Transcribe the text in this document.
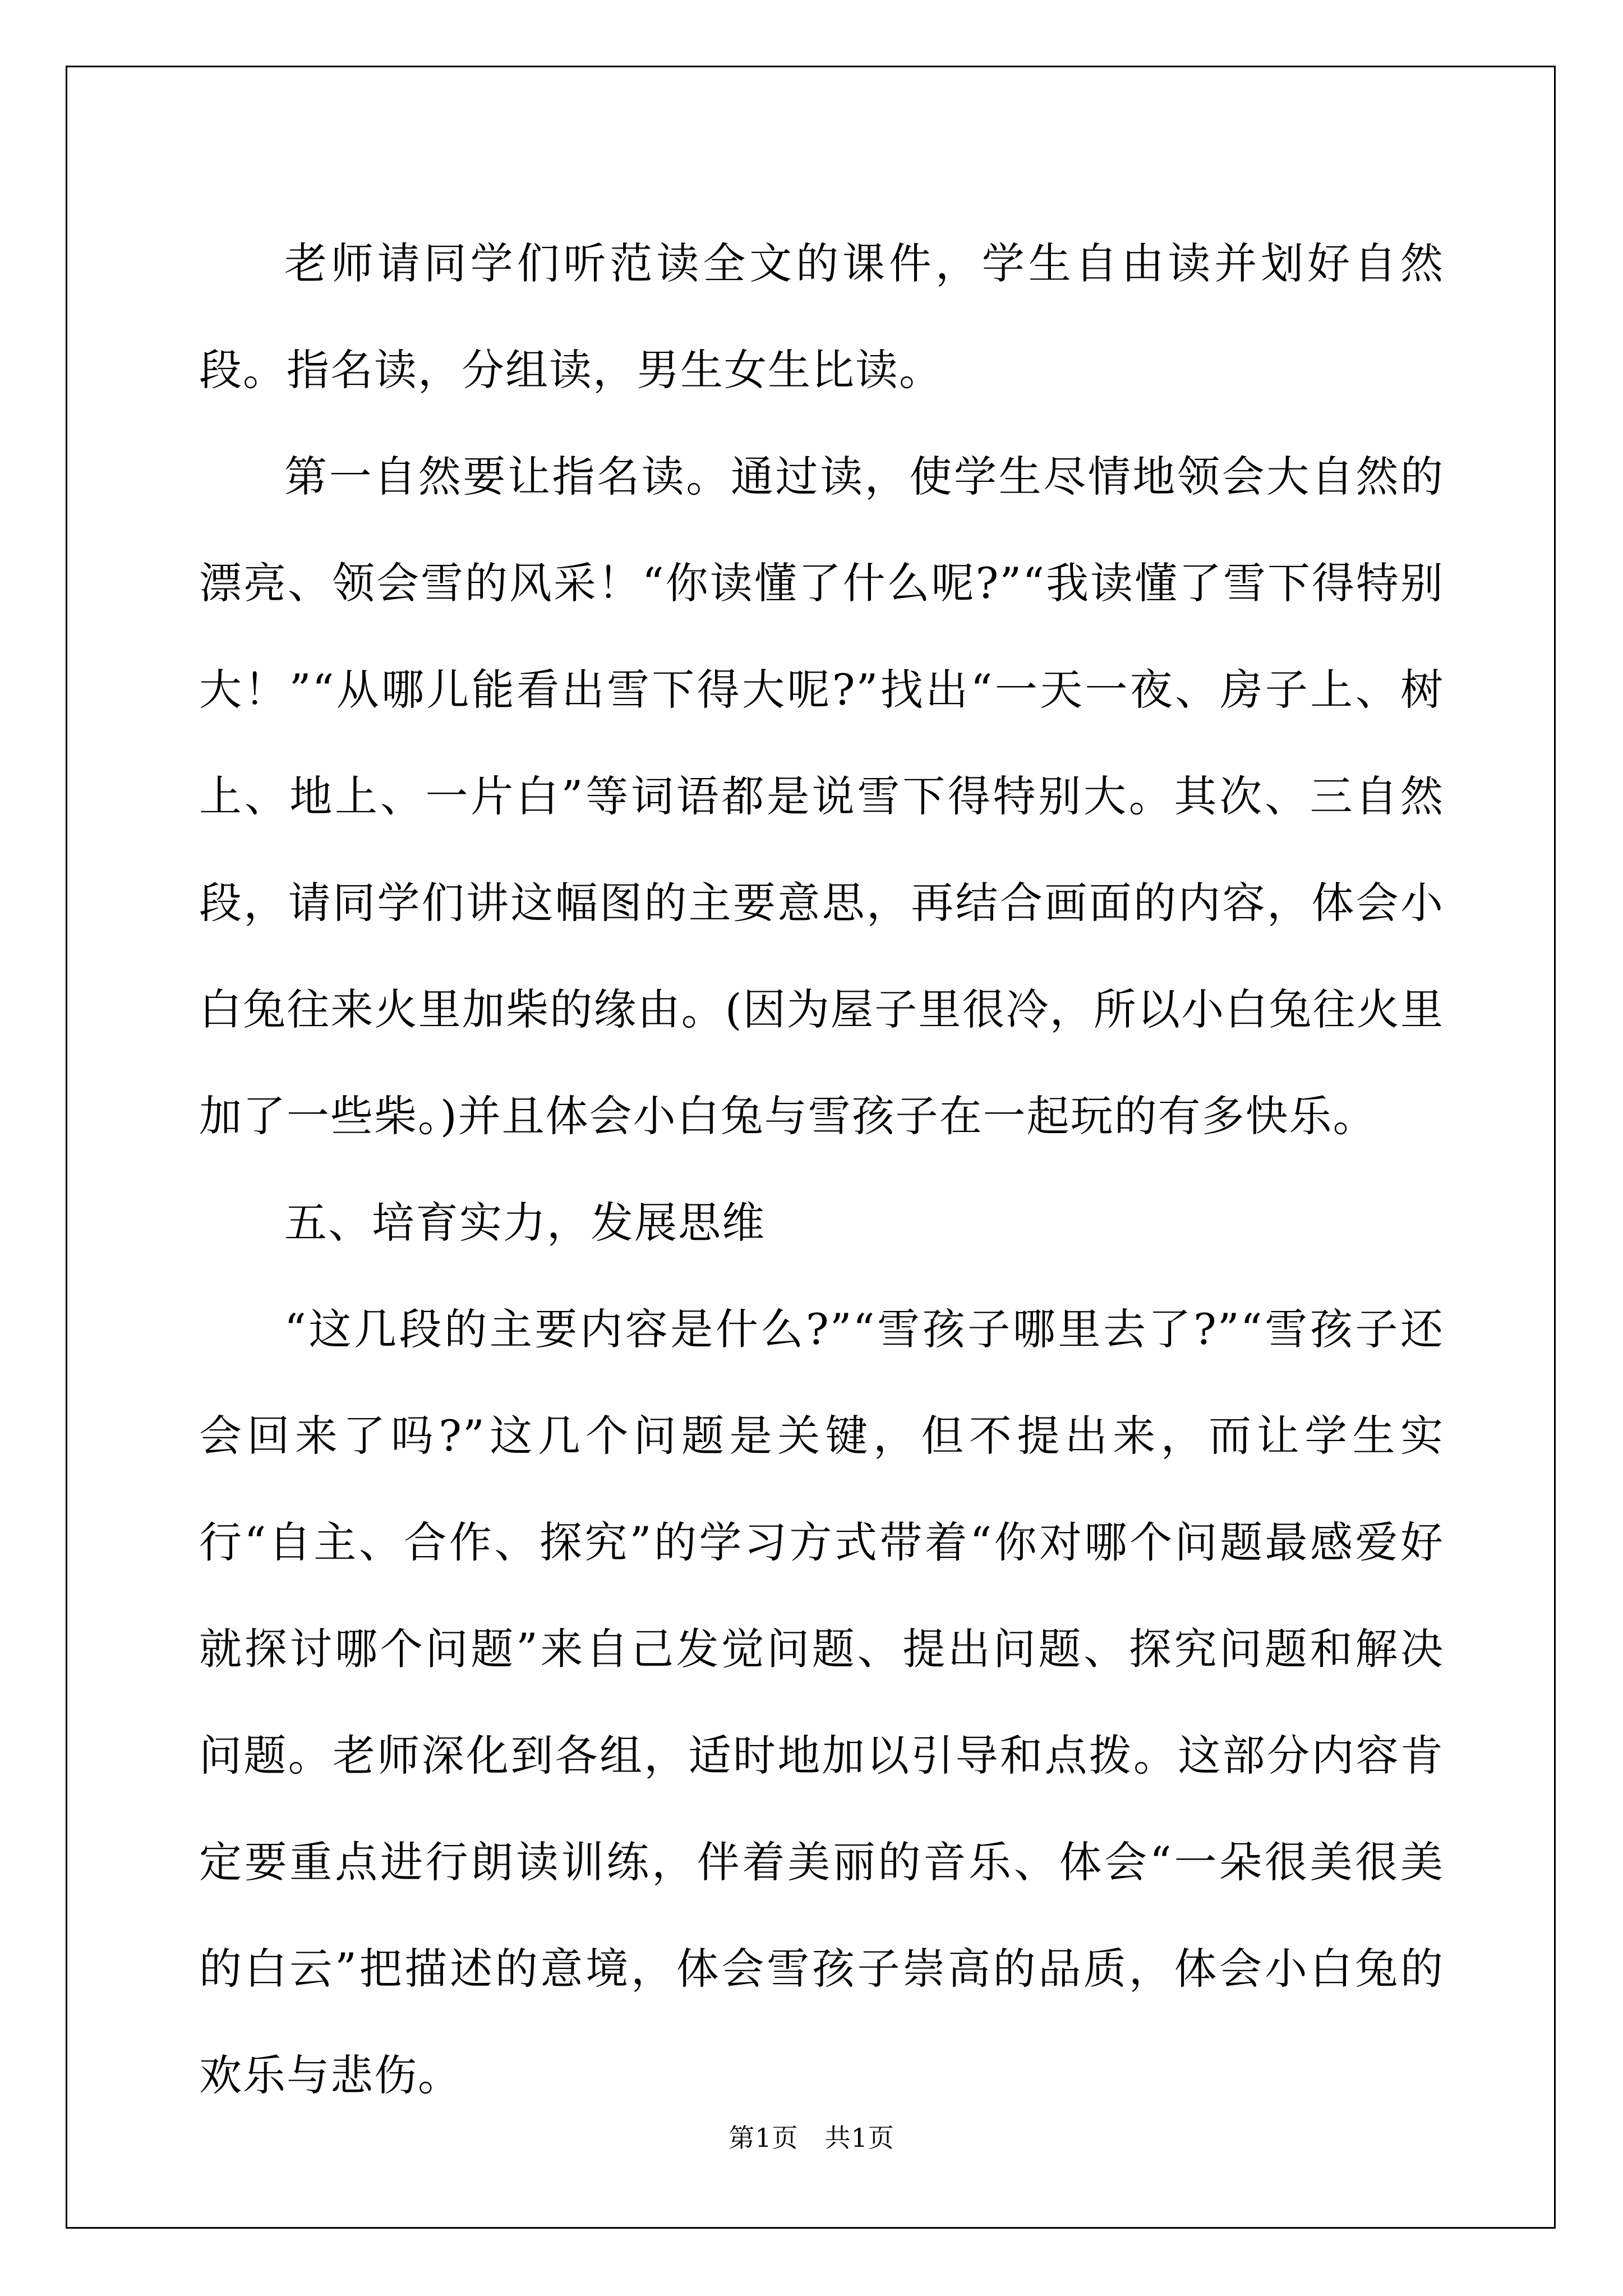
老师请同学们听范读全文的课件，学生自由读并划好自然段。指名读，分组读，男生女生比读。

第一自然要让指名读。通过读，使学生尽情地领会大自然的漂亮、领会雪的风采！“你读懂了什么呢?”“我读懂了雪下得特别大！”“从哪儿能看出雪下得大呢?”找出“一天一夜、房子上、树上、地上、一片白”等词语都是说雪下得特别大。其次、三自然段，请同学们讲这幅图的主要意思，再结合画面的内容，体会小白兔往来火里加柴的缘由。(因为屋子里很冷，所以小白兔往火里加了一些柴。)并且体会小白兔与雪孩子在一起玩的有多快乐。

五、培育实力，发展思维

“这几段的主要内容是什么?”“雪孩子哪里去了?”“雪孩子还会回来了吗?”这几个问题是关键，但不提出来，而让学生实行“自主、合作、探究”的学习方式带着“你对哪个问题最感爱好就探讨哪个问题”来自己发觉问题、提出问题、探究问题和解决问题。老师深化到各组，适时地加以引导和点拨。这部分内容肯定要重点进行朗读训练，伴着美丽的音乐、体会“一朵很美很美的白云”把描述的意境，体会雪孩子崇高的品质，体会小白兔的欢乐与悲伤。

第1页 共1页
